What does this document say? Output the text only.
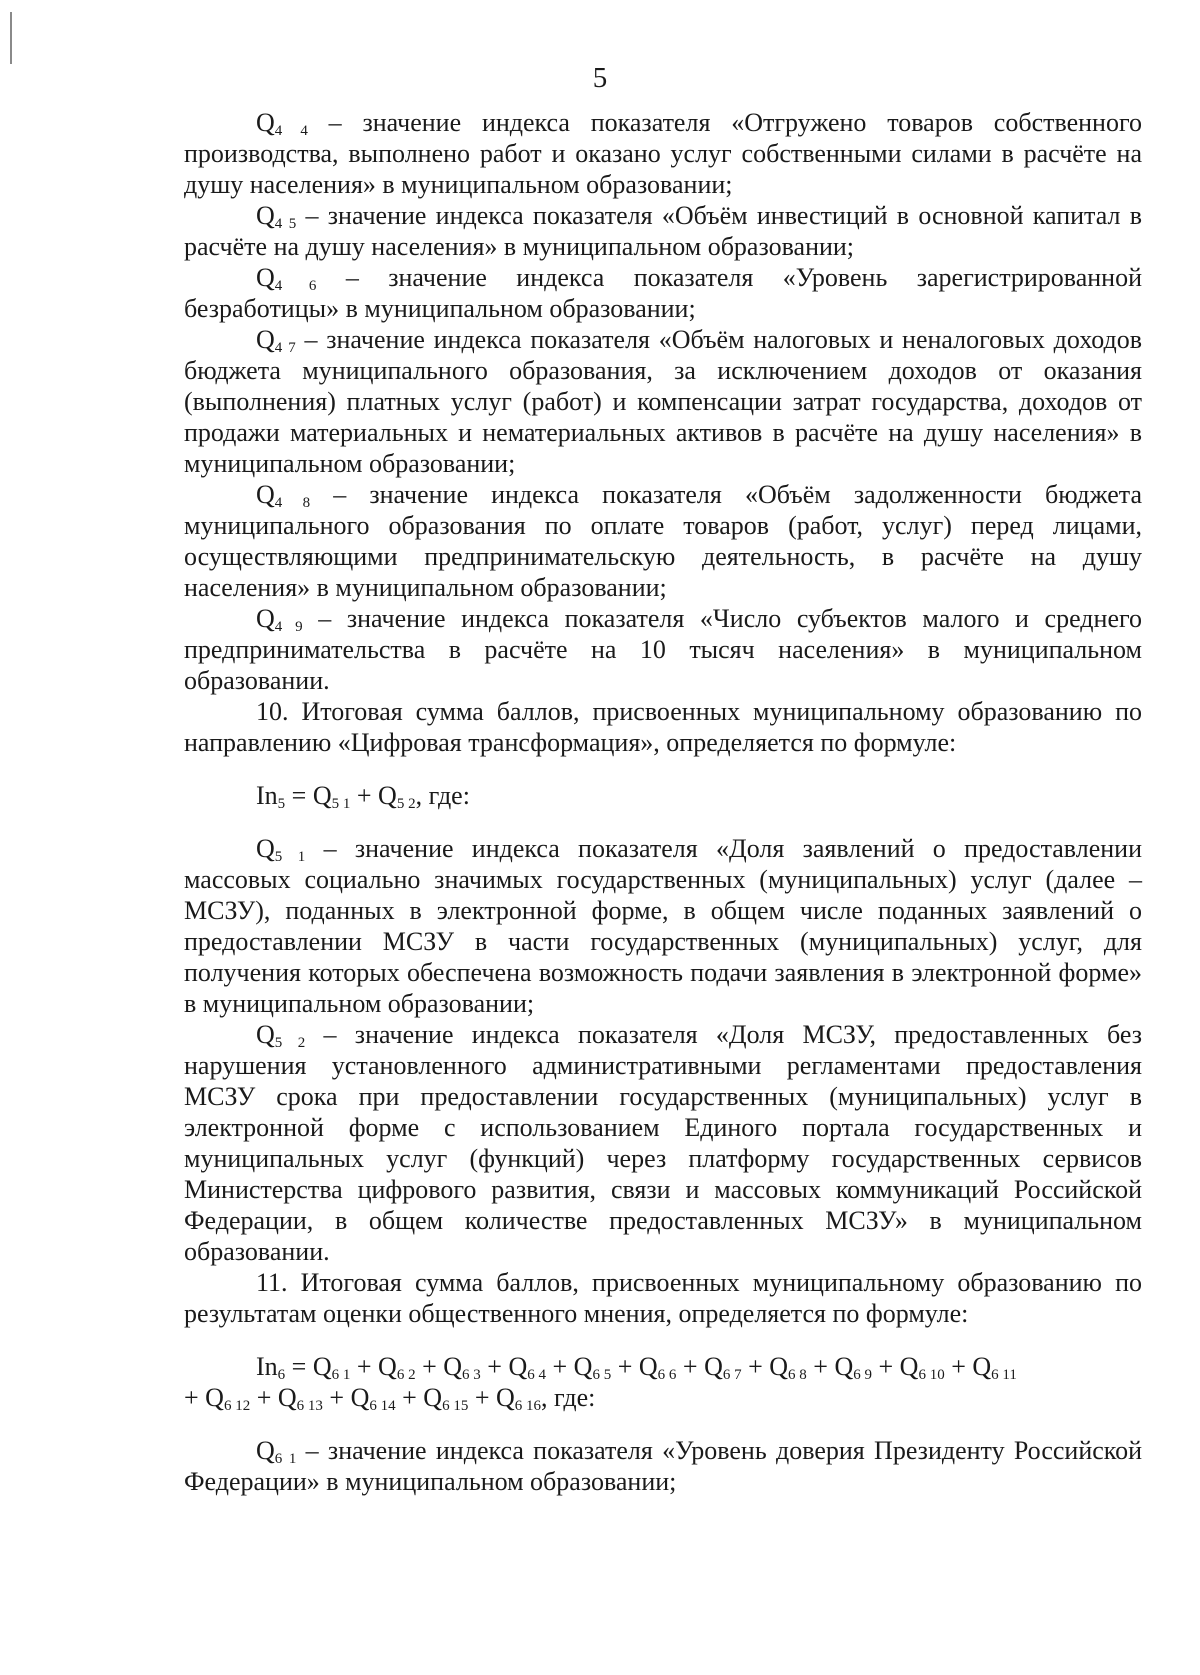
5

$Q_{4 4}$ – значение индекса показателя «Отгружено товаров собственного производства, выполнено работ и оказано услуг собственными силами в расчёте на душу населения» в муниципальном образовании;

$Q_{4 5}$ – значение индекса показателя «Объём инвестиций в основной капитал в расчёте на душу населения» в муниципальном образовании;

$Q_{4 6}$ – значение индекса показателя «Уровень зарегистрированной безработицы» в муниципальном образовании;

$Q_{4 7}$ – значение индекса показателя «Объём налоговых и неналоговых доходов бюджета муниципального образования, за исключением доходов от оказания (выполнения) платных услуг (работ) и компенсации затрат государства, доходов от продажи материальных и нематериальных активов в расчёте на душу населения» в муниципальном образовании;

$Q_{4 8}$ – значение индекса показателя «Объём задолженности бюджета муниципального образования по оплате товаров (работ, услуг) перед лицами, осуществляющими предпринимательскую деятельность, в расчёте на душу населения» в муниципальном образовании;

$Q_{4 9}$ – значение индекса показателя «Число субъектов малого и среднего предпринимательства в расчёте на 10 тысяч населения» в муниципальном образовании.

10. Итоговая сумма баллов, присвоенных муниципальному образованию по направлению «Цифровая трансформация», определяется по формуле:

$In_5 = Q_{5 1} + Q_{5 2}$, где:

$Q_{5 1}$ – значение индекса показателя «Доля заявлений о предоставлении массовых социально значимых государственных (муниципальных) услуг (далее – МСЗУ), поданных в электронной форме, в общем числе поданных заявлений о предоставлении МСЗУ в части государственных (муниципальных) услуг, для получения которых обеспечена возможность подачи заявления в электронной форме» в муниципальном образовании;

$Q_{5 2}$ – значение индекса показателя «Доля МСЗУ, предоставленных без нарушения установленного административными регламентами предоставления МСЗУ срока при предоставлении государственных (муниципальных) услуг в электронной форме с использованием Единого портала государственных и муниципальных услуг (функций) через платформу государственных сервисов Министерства цифрового развития, связи и массовых коммуникаций Российской Федерации, в общем количестве предоставленных МСЗУ» в муниципальном образовании.

11. Итоговая сумма баллов, присвоенных муниципальному образованию по результатам оценки общественного мнения, определяется по формуле:

$In_6 = Q_{6 1} + Q_{6 2} + Q_{6 3} + Q_{6 4} + Q_{6 5} + Q_{6 6} + Q_{6 7} + Q_{6 8} + Q_{6 9} + Q_{6 10} + Q_{6 11}$

+ $Q_{6 12} + Q_{6 13} + Q_{6 14} + Q_{6 15} + Q_{6 16}$, где:

$Q_{6 1}$ – значение индекса показателя «Уровень доверия Президенту Российской Федерации» в муниципальном образовании;
